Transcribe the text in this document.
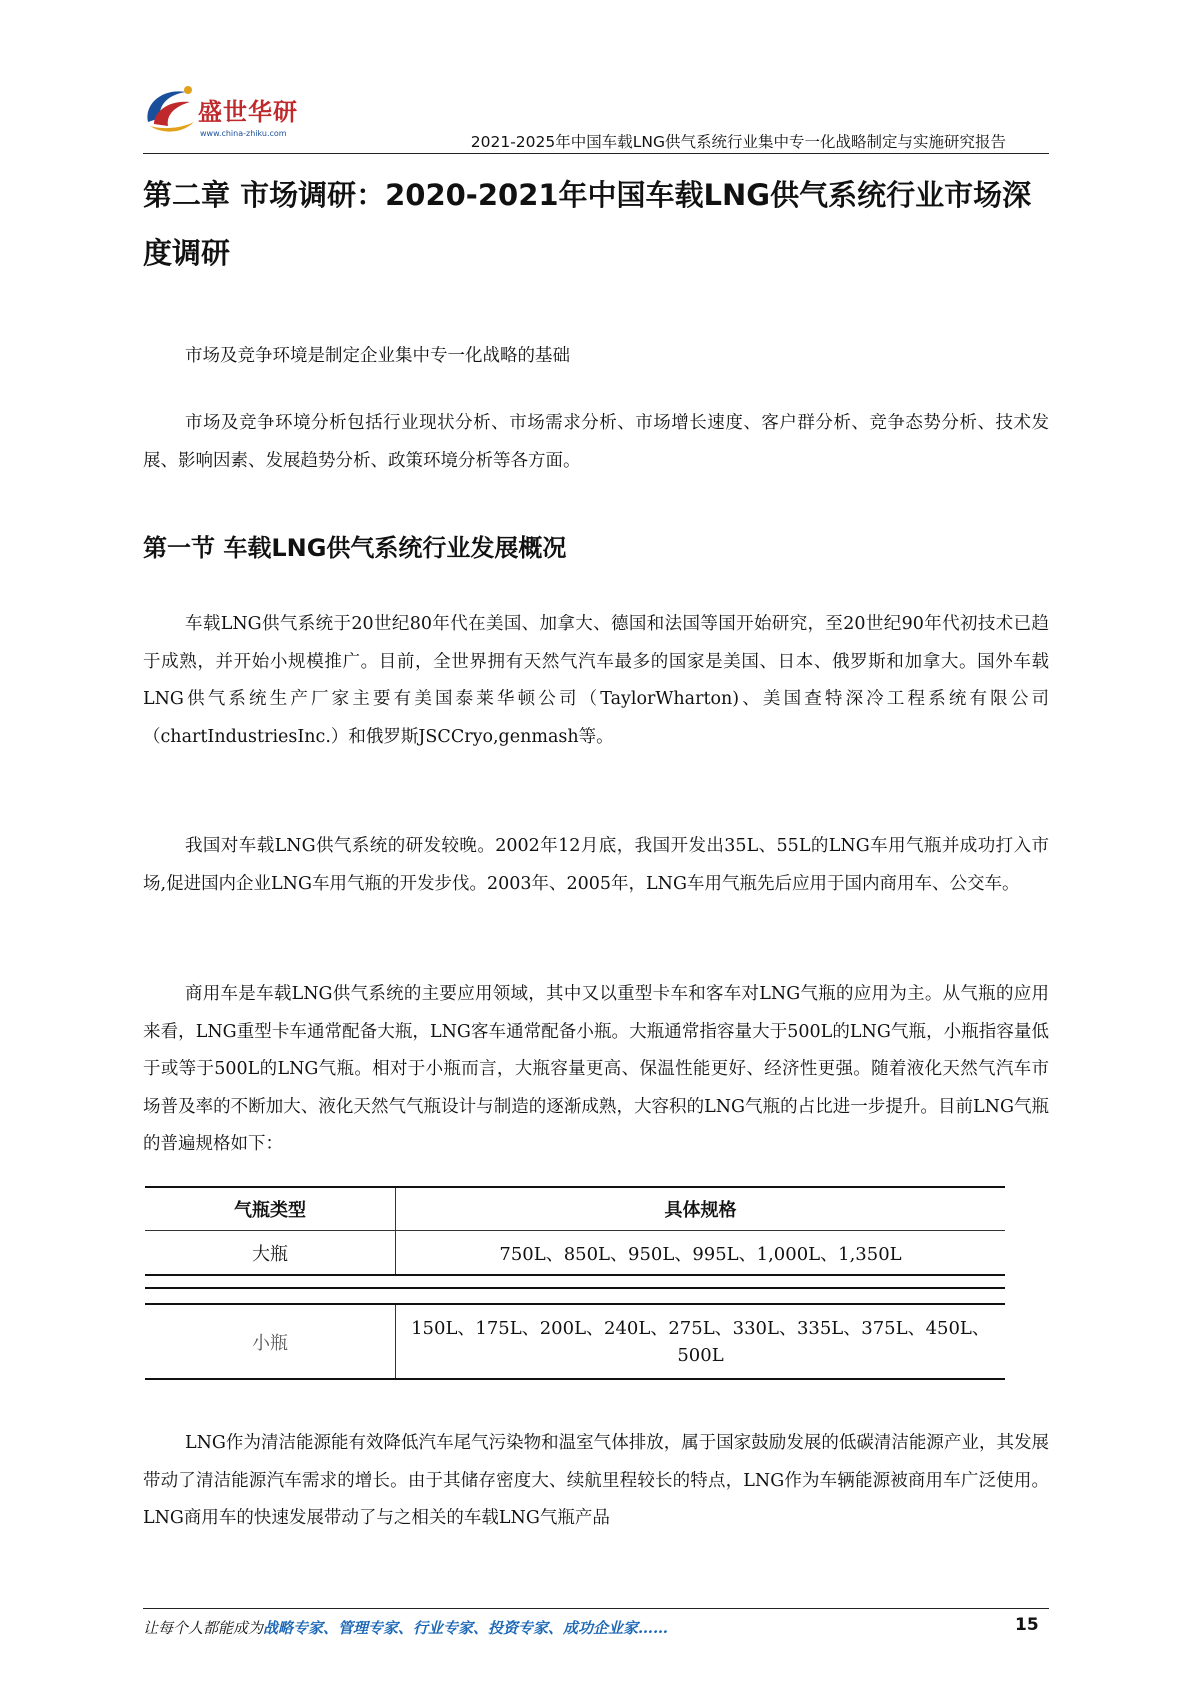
盛世华研
www.china-zhiku.com	2021-2025年中国车载LNG供气系统行业集中专一化战略制定与实施研究报告
第二章 市场调研：2020-2021年中国车载LNG供气系统行业市场深度调研

市场及竞争环境是制定企业集中专一化战略的基础

市场及竞争环境分析包括行业现状分析、市场需求分析、市场增长速度、客户群分析、竞争态势分析、技术发展、影响因素、发展趋势分析、政策环境分析等各方面。

第一节 车载LNG供气系统行业发展概况

车载LNG供气系统于20世纪80年代在美国、加拿大、德国和法国等国开始研究，至20世纪90年代初技术已趋于成熟，并开始小规模推广。目前，全世界拥有天然气汽车最多的国家是美国、日本、俄罗斯和加拿大。国外车载LNG供气系统生产厂家主要有美国泰莱华顿公司（TaylorWharton)、美国查特深冷工程系统有限公司（chartIndustriesInc.）和俄罗斯JSCCryo,genmash等。

我国对车载LNG供气系统的研发较晚。2002年12月底，我国开发出35L、55L的LNG车用气瓶并成功打入市场,促进国内企业LNG车用气瓶的开发步伐。2003年、2005年，LNG车用气瓶先后应用于国内商用车、公交车。

商用车是车载LNG供气系统的主要应用领域，其中又以重型卡车和客车对LNG气瓶的应用为主。从气瓶的应用来看，LNG重型卡车通常配备大瓶，LNG客车通常配备小瓶。大瓶通常指容量大于500L的LNG气瓶，小瓶指容量低于或等于500L的LNG气瓶。相对于小瓶而言，大瓶容量更高、保温性能更好、经济性更强。随着液化天然气汽车市场普及率的不断加大、液化天然气气瓶设计与制造的逐渐成熟，大容积的LNG气瓶的占比进一步提升。目前LNG气瓶的普遍规格如下：

气瓶类型	具体规格
大瓶	750L、850L、950L、995L、1,000L、1,350L
小瓶	150L、175L、200L、240L、275L、330L、335L、375L、450L、500L

LNG作为清洁能源能有效降低汽车尾气污染物和温室气体排放，属于国家鼓励发展的低碳清洁能源产业，其发展带动了清洁能源汽车需求的增长。由于其储存密度大、续航里程较长的特点，LNG作为车辆能源被商用车广泛使用。LNG商用车的快速发展带动了与之相关的车载LNG气瓶产品

让每个人都能成为战略专家、管理专家、行业专家、投资专家、成功企业家……	15
